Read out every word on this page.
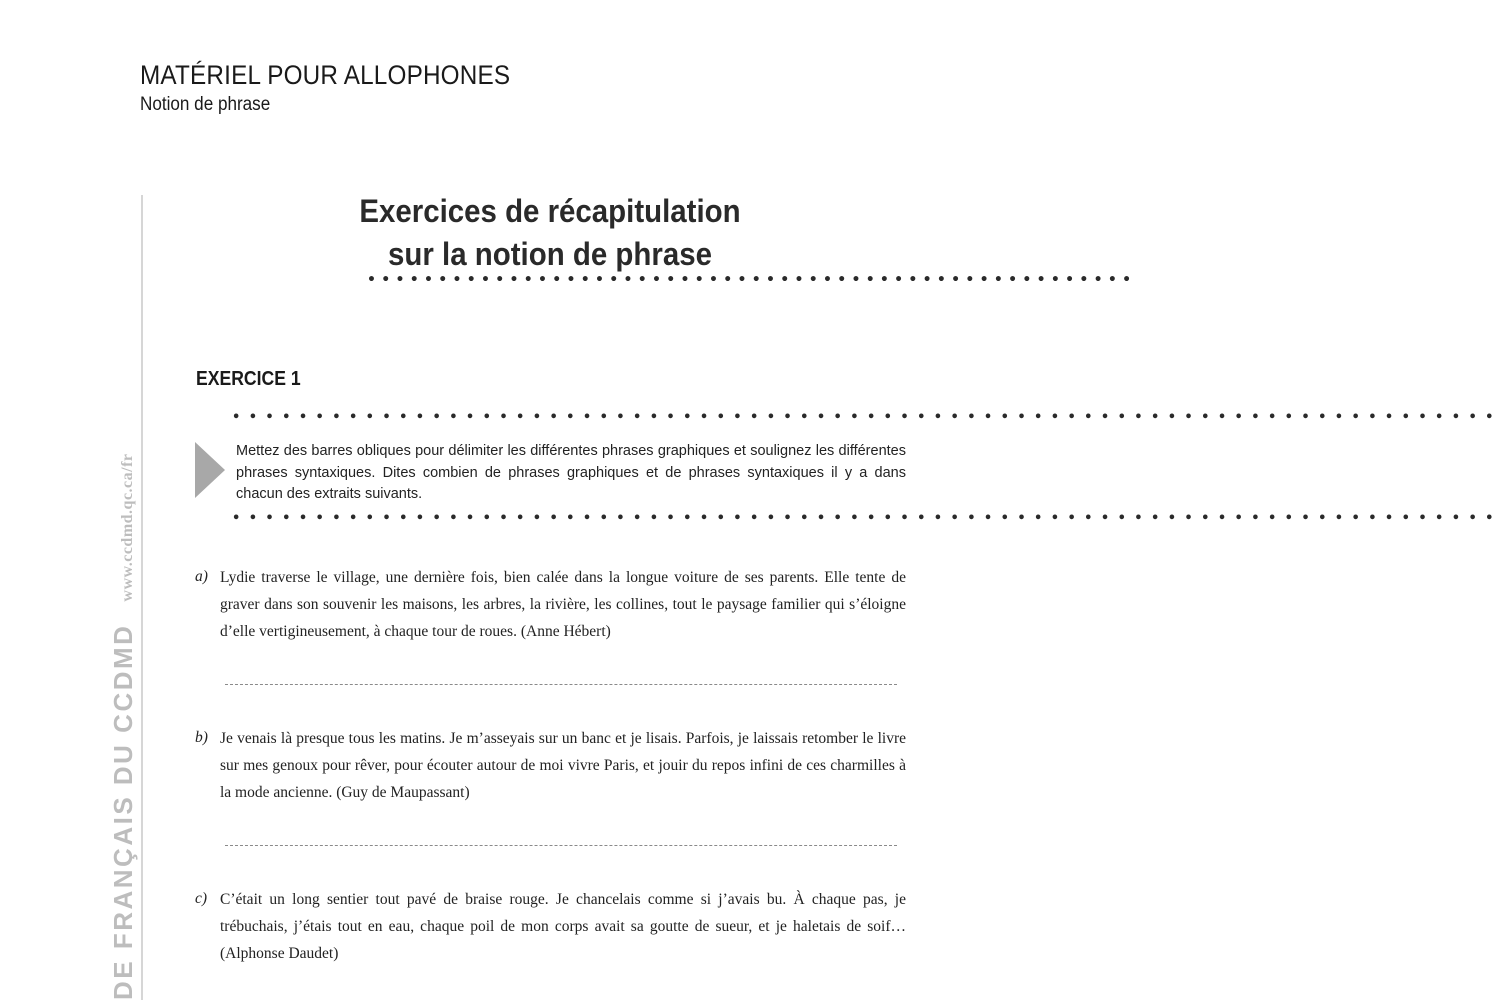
MATÉRIEL POUR ALLOPHONES
Notion de phrase
DE FRANÇAIS DU CCDMDwww.ccdmd.qc.ca/fr
Exercices de récapitulation
sur la notion de phrase
••••••••••••••••••••••••••••••••••••••••••••••••••••••
EXERCICE 1
••••••••••••••••••••••••••••••••••••••••••••••••••••••••••••••••••••••••••••
Mettez des barres obliques pour délimiter les différentes phrases graphiques et soulignez les différentes phrases syntaxiques. Dites combien de phrases graphiques et de phrases syntaxiques il y a dans chacun des extraits suivants.
••••••••••••••••••••••••••••••••••••••••••••••••••••••••••••••••••••••••••••
a) Lydie traverse le village, une dernière fois, bien calée dans la longue voiture de ses parents. Elle tente de graver dans son souvenir les maisons, les arbres, la rivière, les collines, tout le paysage familier qui s’éloigne d’elle vertigineusement, à chaque tour de roues. (Anne Hébert)
b) Je venais là presque tous les matins. Je m’asseyais sur un banc et je lisais. Parfois, je laissais retomber le livre sur mes genoux pour rêver, pour écouter autour de moi vivre Paris, et jouir du repos infini de ces charmilles à la mode ancienne. (Guy de Maupassant)
c) C’était un long sentier tout pavé de braise rouge. Je chancelais comme si j’avais bu. À chaque pas, je trébuchais, j’étais tout en eau, chaque poil de mon corps avait sa goutte de sueur, et je haletais de soif… (Alphonse Daudet)
